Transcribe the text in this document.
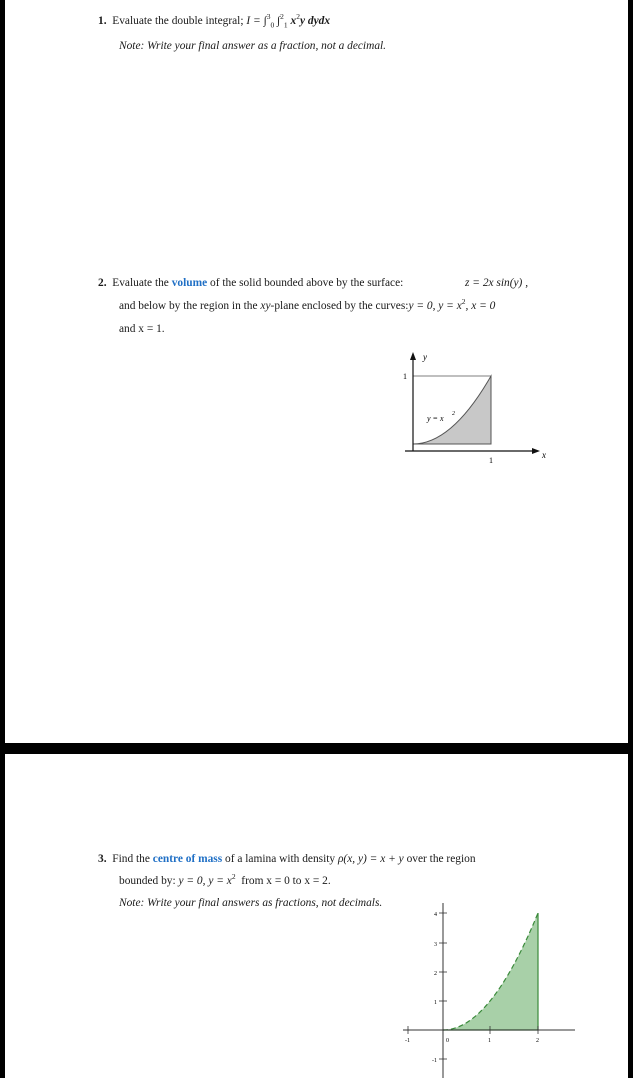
1. Evaluate the double integral; I = ∫$^3_0$ ∫$^2_1$ $x^2y$ dydx
Note: Write your final answer as a fraction, not a decimal.
2. Evaluate the volume of the solid bounded above by the surface:	z = 2x sin(y) ,
and below by the region in the xy-plane enclosed by the curves:y = 0, $y = x^2$, x = 0
and x = 1.
y
x
1
1
y = x 2
3. Find the centre of mass of a lamina with density ρ(x, y) = x + y over the region
bounded by: y = 0, $y = x^2$ from x = 0 to x = 2.
Note: Write your final answers as fractions, not decimals.
4
3
2
1
-1
-1	0	1	2
